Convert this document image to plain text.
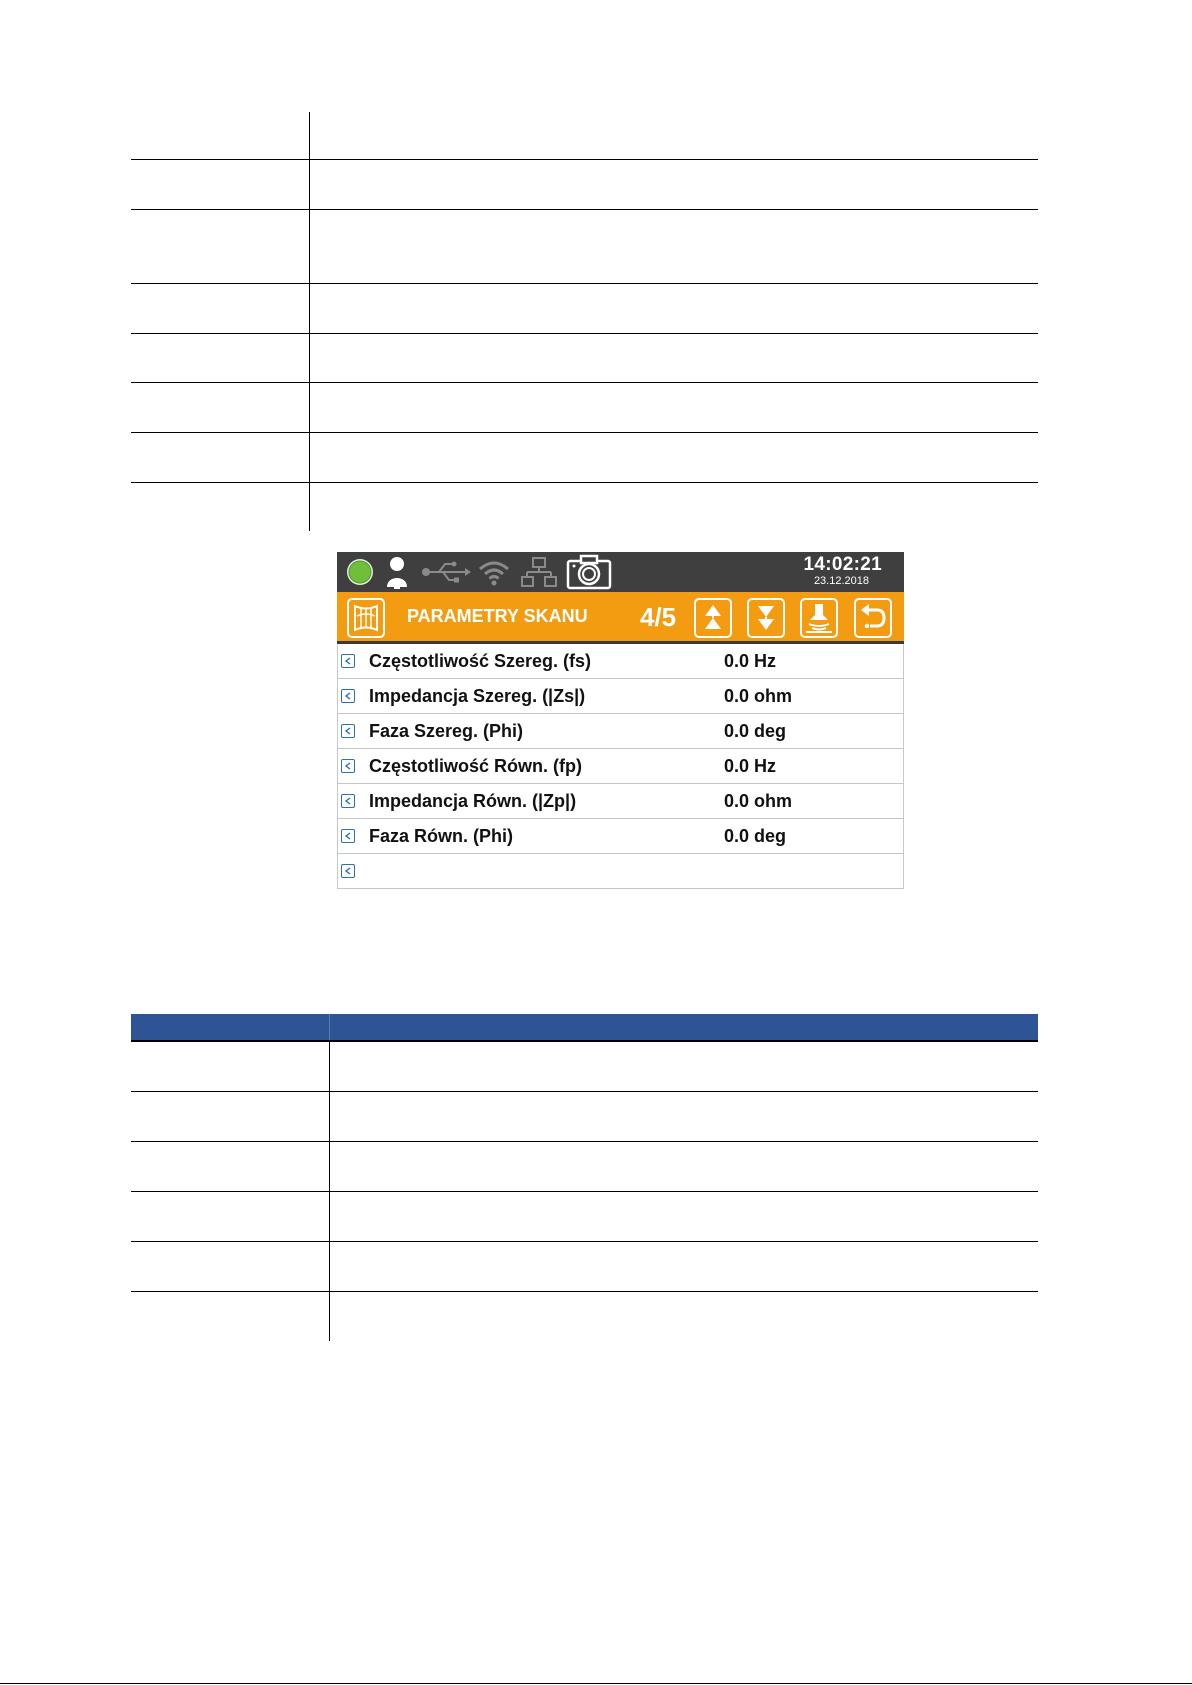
14:02:21
23.12.2018
PARAMETRY SKANU 4/5
Częstotliwość Szereg. (fs)	0.0 Hz
Impedancja Szereg. (|Zs|)	0.0 ohm
Faza Szereg. (Phi)	0.0 deg
Częstotliwość Równ. (fp)	0.0 Hz
Impedancja Równ. (|Zp|)	0.0 ohm
Faza Równ. (Phi)	0.0 deg
